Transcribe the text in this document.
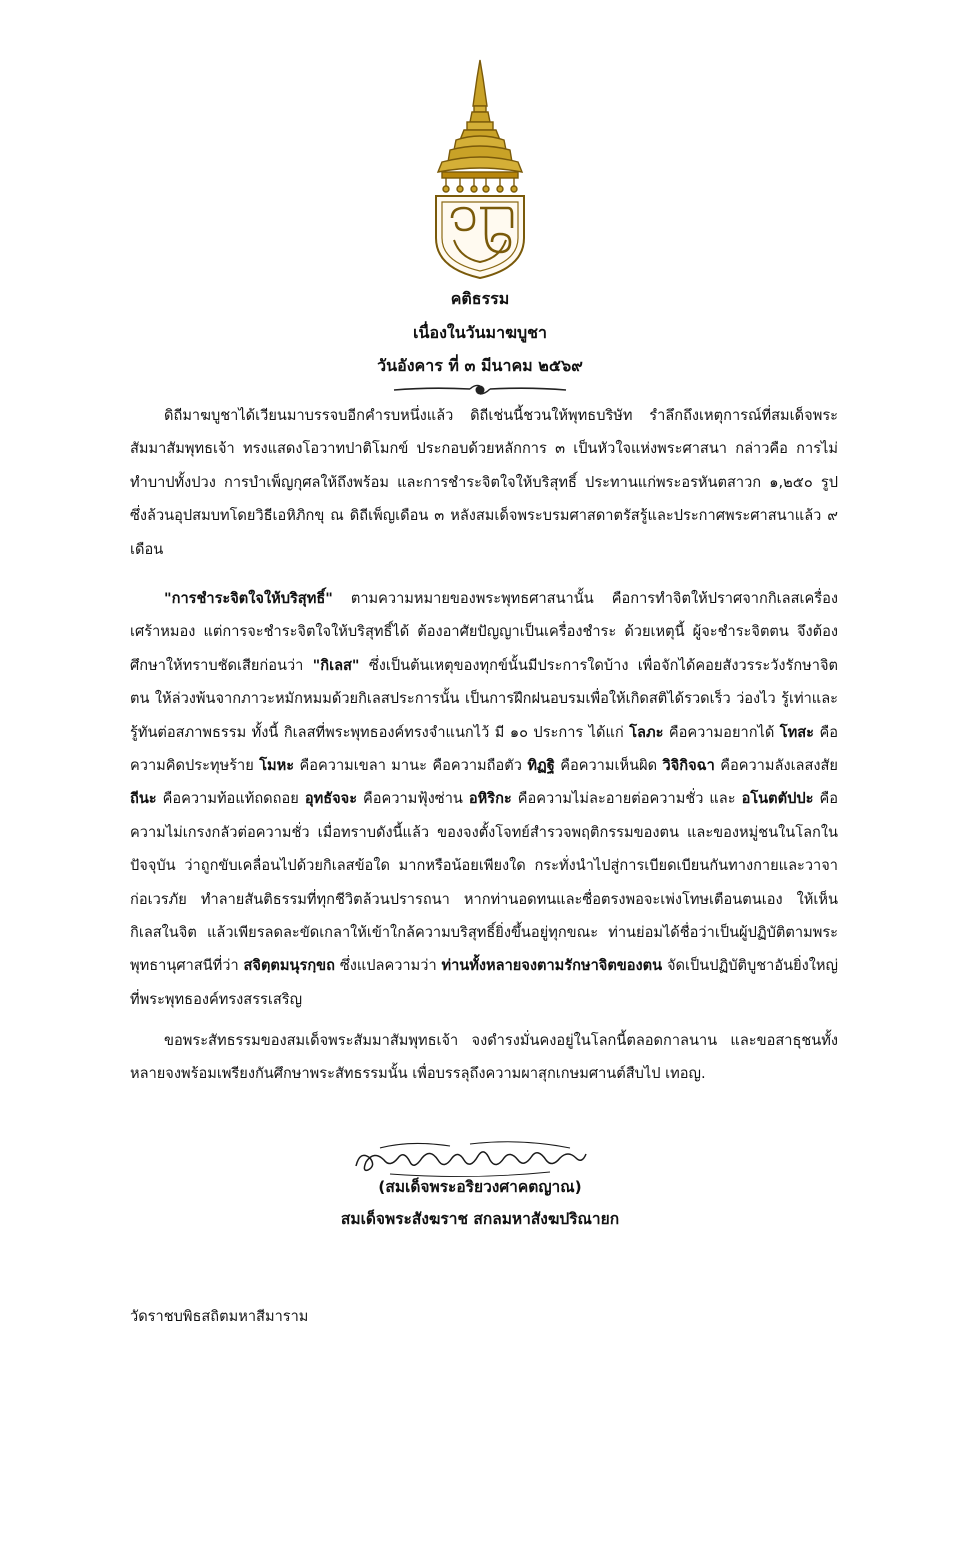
คติธรรม
เนื่องในวันมาฆบูชา
วันอังคาร ที่ ๓ มีนาคม ๒๕๖๙

ดิถีมาฆบูชาได้เวียนมาบรรจบอีกคำรบหนึ่งแล้ว ดิถีเช่นนี้ชวนให้พุทธบริษัท รำลึกถึงเหตุการณ์ที่สมเด็จพระสัมมาสัมพุทธเจ้า ทรงแสดงโอวาทปาติโมกข์ ประกอบด้วยหลักการ ๓ เป็นหัวใจแห่งพระศาสนา กล่าวคือ การไม่ทำบาปทั้งปวง การบำเพ็ญกุศลให้ถึงพร้อม และการชำระจิตใจให้บริสุทธิ์ ประทานแก่พระอรหันตสาวก ๑,๒๕๐ รูป ซึ่งล้วนอุปสมบทโดยวิธีเอหิภิกขุ ณ ดิถีเพ็ญเดือน ๓ หลังสมเด็จพระบรมศาสดาตรัสรู้และประกาศพระศาสนาแล้ว ๙ เดือน

"การชำระจิตใจให้บริสุทธิ์" ตามความหมายของพระพุทธศาสนานั้น คือการทำจิตให้ปราศจากกิเลสเครื่องเศร้าหมอง แต่การจะชำระจิตใจให้บริสุทธิ์ได้ ต้องอาศัยปัญญาเป็นเครื่องชำระ ด้วยเหตุนี้ ผู้จะชำระจิตตน จึงต้องศึกษาให้ทราบชัดเสียก่อนว่า "กิเลส" ซึ่งเป็นต้นเหตุของทุกข์นั้นมีประการใดบ้าง เพื่อจักได้คอยสังวรระวังรักษาจิตตน ให้ล่วงพ้นจากภาวะหมักหมมด้วยกิเลสประการนั้น เป็นการฝึกฝนอบรมเพื่อให้เกิดสติได้รวดเร็ว ว่องไว รู้เท่าและรู้ทันต่อสภาพธรรม ทั้งนี้ กิเลสที่พระพุทธองค์ทรงจำแนกไว้ มี ๑๐ ประการ ได้แก่ โลภะ คือความอยากได้ โทสะ คือความคิดประทุษร้าย โมหะ คือความเขลา มานะ คือความถือตัว ทิฏฐิ คือความเห็นผิด วิจิกิจฉา คือความลังเลสงสัย ถีนะ คือความท้อแท้ถดถอย อุทธัจจะ คือความฟุ้งซ่าน อหิริกะ คือความไม่ละอายต่อความชั่ว และ อโนตตัปปะ คือความไม่เกรงกลัวต่อความชั่ว เมื่อทราบดังนี้แล้ว ของจงตั้งโจทย์สำรวจพฤติกรรมของตน และของหมู่ชนในโลกในปัจจุบัน ว่าถูกขับเคลื่อนไปด้วยกิเลสข้อใด มากหรือน้อยเพียงใด กระทั่งนำไปสู่การเบียดเบียนกันทางกายและวาจา ก่อเวรภัย ทำลายสันติธรรมที่ทุกชีวิตล้วนปรารถนา หากท่านอดทนและซื่อตรงพอจะเพ่งโทษเตือนตนเอง ให้เห็นกิเลสในจิต แล้วเพียรลดละขัดเกลาให้เข้าใกล้ความบริสุทธิ์ยิ่งขึ้นอยู่ทุกขณะ ท่านย่อมได้ชื่อว่าเป็นผู้ปฏิบัติตามพระพุทธานุศาสนีที่ว่า สจิตฺตมนุรกฺขถ ซึ่งแปลความว่า ท่านทั้งหลายจงตามรักษาจิตของตน จัดเป็นปฏิบัติบูชาอันยิ่งใหญ่ที่พระพุทธองค์ทรงสรรเสริญ

ขอพระสัทธรรมของสมเด็จพระสัมมาสัมพุทธเจ้า จงดำรงมั่นคงอยู่ในโลกนี้ตลอดกาลนาน และขอสาธุชนทั้งหลายจงพร้อมเพรียงกันศึกษาพระสัทธรรมนั้น เพื่อบรรลุถึงความผาสุกเกษมศานต์สืบไป เทอญ.

(สมเด็จพระอริยวงศาคตญาณ)
สมเด็จพระสังฆราช สกลมหาสังฆปริณายก
วัดราชบพิธสถิตมหาสีมาราม
